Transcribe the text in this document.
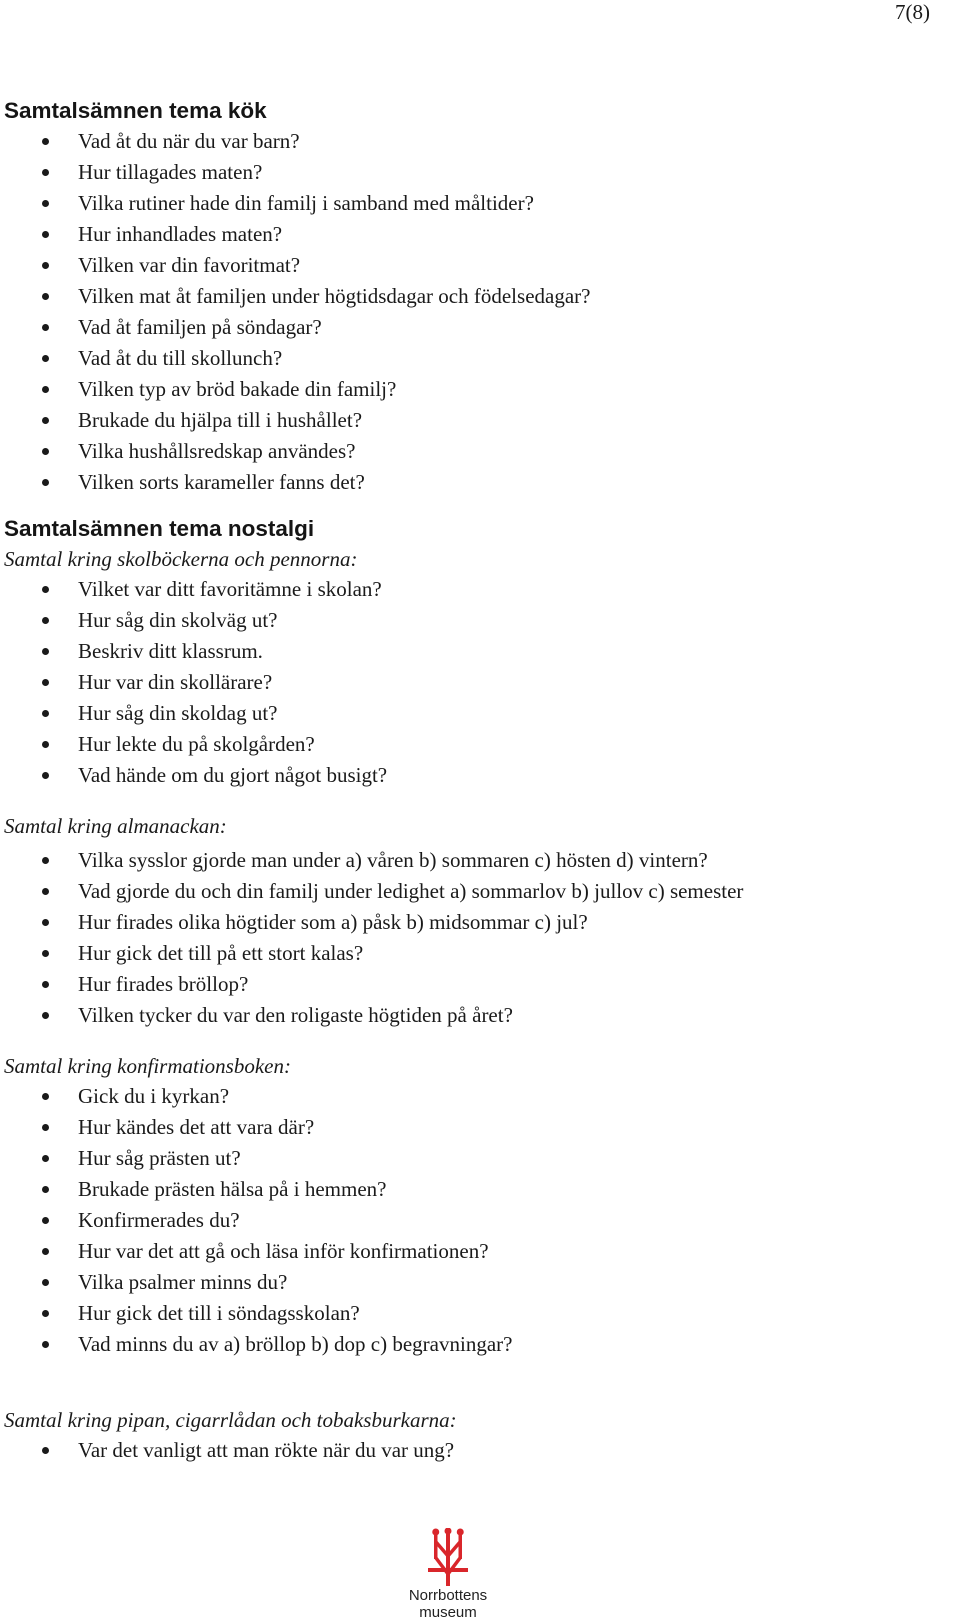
7(8)
Samtalsämnen tema kök
Vad åt du när du var barn?
Hur tillagades maten?
Vilka rutiner hade din familj i samband med måltider?
Hur inhandlades maten?
Vilken var din favoritmat?
Vilken mat åt familjen under högtidsdagar och födelsedagar?
Vad åt familjen på söndagar?
Vad åt du till skollunch?
Vilken typ av bröd bakade din familj?
Brukade du hjälpa till i hushållet?
Vilka hushållsredskap användes?
Vilken sorts karameller fanns det?
Samtalsämnen tema nostalgi

Samtal kring skolböckerna och pennorna:

Vilket var ditt favoritämne i skolan?
Hur såg din skolväg ut?
Beskriv ditt klassrum.
Hur var din skollärare?
Hur såg din skoldag ut?
Hur lekte du på skolgården?
Vad hände om du gjort något busigt?

Samtal kring almanackan:

Vilka sysslor gjorde man under a) våren b) sommaren c) hösten d) vintern?
Vad gjorde du och din familj under ledighet a) sommarlov b) jullov c) semester
Hur firades olika högtider som a) påsk b) midsommar c) jul?
Hur gick det till på ett stort kalas?
Hur firades bröllop?
Vilken tycker du var den roligaste högtiden på året?

Samtal kring konfirmationsboken:

Gick du i kyrkan?
Hur kändes det att vara där?
Hur såg prästen ut?
Brukade prästen hälsa på i hemmen?
Konfirmerades du?
Hur var det att gå och läsa inför konfirmationen?
Vilka psalmer minns du?
Hur gick det till i söndagsskolan?
Vad minns du av a) bröllop b) dop c) begravningar?

Samtal kring pipan, cigarrlådan och tobaksburkarna:

Var det vanligt att man rökte när du var ung?
Norrbottens
museum
